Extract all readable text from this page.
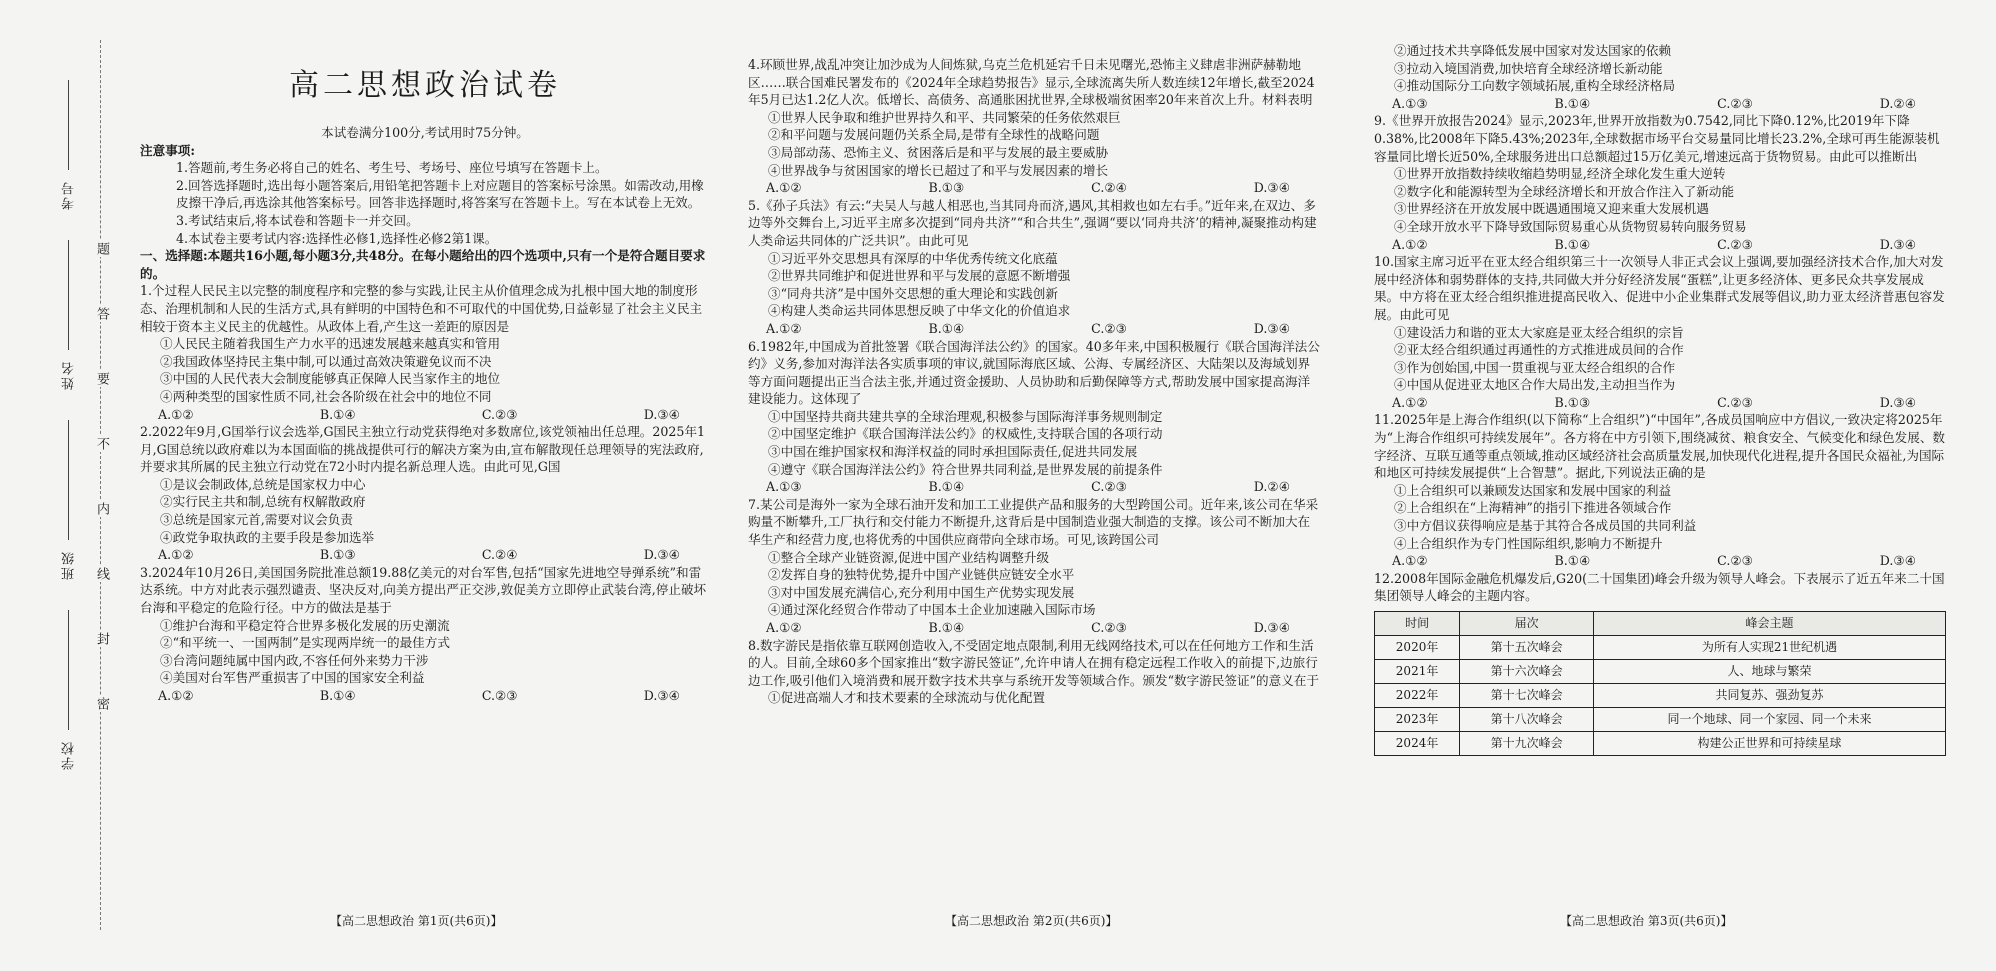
考号
姓名
班级
学校
题
答
要
不
内
线
封
密
高二思想政治试卷

本试卷满分100分,考试用时75分钟。

注意事项:

1.答题前,考生务必将自己的姓名、考生号、考场号、座位号填写在答题卡上。

2.回答选择题时,选出每小题答案后,用铅笔把答题卡上对应题目的答案标号涂黑。如需改动,用橡皮擦干净后,再选涂其他答案标号。回答非选择题时,将答案写在答题卡上。写在本试卷上无效。

3.考试结束后,将本试卷和答题卡一并交回。

4.本试卷主要考试内容:选择性必修1,选择性必修2第1课。

一、选择题:本题共16小题,每小题3分,共48分。在每小题给出的四个选项中,只有一个是符合题目要求的。

1.个过程人民民主以完整的制度程序和完整的参与实践,让民主从价值理念成为扎根中国大地的制度形态、治理机制和人民的生活方式,具有鲜明的中国特色和不可取代的中国优势,日益彰显了社会主义民主相较于资本主义民主的优越性。从政体上看,产生这一差距的原因是

①人民民主随着我国生产力水平的迅速发展越来越真实和管用

②我国政体坚持民主集中制,可以通过高效决策避免议而不决

③中国的人民代表大会制度能够真正保障人民当家作主的地位

④两种类型的国家性质不同,社会各阶级在社会中的地位不同

A.①②	B.①④	C.②③	D.③④

2.2022年9月,G国举行议会选举,G国民主独立行动党获得绝对多数席位,该党领袖出任总理。2025年1月,G国总统以政府难以为本国面临的挑战提供可行的解决方案为由,宣布解散现任总理领导的宪法政府,并要求其所属的民主独立行动党在72小时内提名新总理人选。由此可见,G国

①是议会制政体,总统是国家权力中心

②实行民主共和制,总统有权解散政府

③总统是国家元首,需要对议会负责

④政党争取执政的主要手段是参加选举

A.①②	B.①③	C.②④	D.③④

3.2024年10月26日,美国国务院批准总额19.88亿美元的对台军售,包括“国家先进地空导弹系统”和雷达系统。中方对此表示强烈谴责、坚决反对,向美方提出严正交涉,敦促美方立即停止武装台湾,停止破坏台海和平稳定的危险行径。中方的做法是基于

①维护台海和平稳定符合世界多极化发展的历史潮流

②“和平统一、一国两制”是实现两岸统一的最佳方式

③台湾问题纯属中国内政,不容任何外来势力干涉

④美国对台军售严重损害了中国的国家安全利益

A.①②	B.①④	C.②③	D.③④
【高二思想政治 第1页(共6页)】

4.环顾世界,战乱冲突让加沙成为人间炼狱,乌克兰危机延宕千日未见曙光,恐怖主义肆虐非洲萨赫勒地区……联合国难民署发布的《2024年全球趋势报告》显示,全球流离失所人数连续12年增长,截至2024年5月已达1.2亿人次。低增长、高债务、高通胀困扰世界,全球极端贫困率20年来首次上升。材料表明

①世界人民争取和维护世界持久和平、共同繁荣的任务依然艰巨

②和平问题与发展问题仍关系全局,是带有全球性的战略问题

③局部动荡、恐怖主义、贫困落后是和平与发展的最主要威胁

④世界战争与贫困国家的增长已超过了和平与发展因素的增长

A.①②	B.①③	C.②④	D.③④

5.《孙子兵法》有云:“夫吴人与越人相恶也,当其同舟而济,遇风,其相救也如左右手。”近年来,在双边、多边等外交舞台上,习近平主席多次提到“同舟共济”“和合共生”,强调“要以‘同舟共济’的精神,凝聚推动构建人类命运共同体的广泛共识”。由此可见

①习近平外交思想具有深厚的中华优秀传统文化底蕴

②世界共同维护和促进世界和平与发展的意愿不断增强

③“同舟共济”是中国外交思想的重大理论和实践创新

④构建人类命运共同体思想反映了中华文化的价值追求

A.①②	B.①④	C.②③	D.③④

6.1982年,中国成为首批签署《联合国海洋法公约》的国家。40多年来,中国积极履行《联合国海洋法公约》义务,参加对海洋法各实质事项的审议,就国际海底区域、公海、专属经济区、大陆架以及海域划界等方面问题提出正当合法主张,并通过资金援助、人员协助和后勤保障等方式,帮助发展中国家提高海洋建设能力。这体现了

①中国坚持共商共建共享的全球治理观,积极参与国际海洋事务规则制定

②中国坚定维护《联合国海洋法公约》的权威性,支持联合国的各项行动

③中国在维护国家权和海洋权益的同时承担国际责任,促进共同发展

④遵守《联合国海洋法公约》符合世界共同利益,是世界发展的前提条件

A.①③	B.①④	C.②③	D.②④

7.某公司是海外一家为全球石油开发和加工工业提供产品和服务的大型跨国公司。近年来,该公司在华采购量不断攀升,工厂执行和交付能力不断提升,这背后是中国制造业强大制造的支撑。该公司不断加大在华生产和经营力度,也将优秀的中国供应商带向全球市场。可见,该跨国公司

①整合全球产业链资源,促进中国产业结构调整升级

②发挥自身的独特优势,提升中国产业链供应链安全水平

③对中国发展充满信心,充分利用中国生产优势实现发展

④通过深化经贸合作带动了中国本土企业加速融入国际市场

A.①②	B.①④	C.②③	D.③④

8.数字游民是指依靠互联网创造收入,不受固定地点限制,利用无线网络技术,可以在任何地方工作和生活的人。目前,全球60多个国家推出“数字游民签证”,允许申请人在拥有稳定远程工作收入的前提下,边旅行边工作,吸引他们入境消费和展开数字技术共享与系统开发等领域合作。颁发“数字游民签证”的意义在于

①促进高端人才和技术要素的全球流动与优化配置

【高二思想政治 第2页(共6页)】

②通过技术共享降低发展中国家对发达国家的依赖

③拉动入境国消费,加快培育全球经济增长新动能

④推动国际分工向数字领域拓展,重构全球经济格局

A.①③	B.①④	C.②③	D.②④

9.《世界开放报告2024》显示,2023年,世界开放指数为0.7542,同比下降0.12%,比2019年下降0.38%,比2008年下降5.43%;2023年,全球数据市场平台交易量同比增长23.2%,全球可再生能源装机容量同比增长近50%,全球服务进出口总额超过15万亿美元,增速远高于货物贸易。由此可以推断出

①世界开放指数持续收缩趋势明显,经济全球化发生重大逆转

②数字化和能源转型为全球经济增长和开放合作注入了新动能

③世界经济在开放发展中既遇通围境又迎来重大发展机遇

④全球开放水平下降导致国际贸易重心从货物贸易转向服务贸易

A.①②	B.①④	C.②③	D.③④

10.国家主席习近平在亚太经合组织第三十一次领导人非正式会议上强调,要加强经济技术合作,加大对发展中经济体和弱势群体的支持,共同做大并分好经济发展“蛋糕”,让更多经济体、更多民众共享发展成果。中方将在亚太经合组织推进提高民收入、促进中小企业集群式发展等倡议,助力亚太经济普惠包容发展。由此可见

①建设活力和谐的亚太大家庭是亚太经合组织的宗旨

②亚太经合组织通过再通性的方式推进成员间的合作

③作为创始国,中国一贯重视与亚太经合组织的合作

④中国从促进亚太地区合作大局出发,主动担当作为

A.①②	B.①③	C.②③	D.③④

11.2025年是上海合作组织(以下简称“上合组织”)“中国年”,各成员国响应中方倡议,一致决定将2025年为“上海合作组织可持续发展年”。各方将在中方引领下,围绕减贫、粮食安全、气候变化和绿色发展、数字经济、互联互通等重点领域,推动区域经济社会高质量发展,加快现代化进程,提升各国民众福祉,为国际和地区可持续发展提供“上合智慧”。据此,下列说法正确的是

①上合组织可以兼顾发达国家和发展中国家的利益

②上合组织在“上海精神”的指引下推进各领域合作

③中方倡议获得响应是基于其符合各成员国的共同利益

④上合组织作为专门性国际组织,影响力不断提升

A.①②	B.①④	C.②③	D.③④

12.2008年国际金融危机爆发后,G20(二十国集团)峰会升级为领导人峰会。下表展示了近五年来二十国集团领导人峰会的主题内容。

时间	届次	峰会主题
2020年	第十五次峰会	为所有人实现21世纪机遇
2021年	第十六次峰会	人、地球与繁荣
2022年	第十七次峰会	共同复苏、强劲复苏
2023年	第十八次峰会	同一个地球、同一个家园、同一个未来
2024年	第十九次峰会	构建公正世界和可持续星球
【高二思想政治 第3页(共6页)】
